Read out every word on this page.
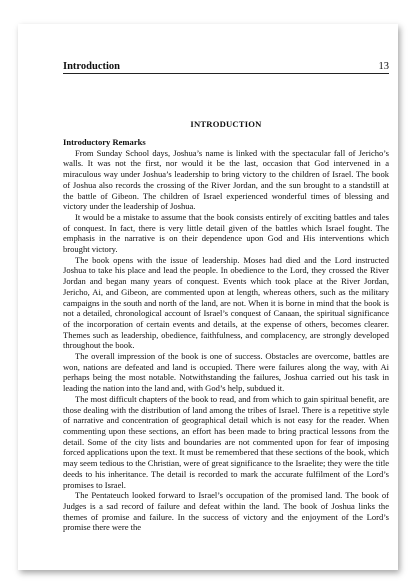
Introduction	13
INTRODUCTION
Introductory Remarks

From Sunday School days, Joshua’s name is linked with the spectacular fall of Jericho’s walls. It was not the first, nor would it be the last, occasion that God intervened in a miraculous way under Joshua’s leadership to bring victory to the children of Israel. The book of Joshua also records the crossing of the River Jordan, and the sun brought to a standstill at the battle of Gibeon. The children of Israel experienced wonderful times of blessing and victory under the leadership of Joshua.

It would be a mistake to assume that the book consists entirely of exciting battles and tales of conquest. In fact, there is very little detail given of the battles which Israel fought. The emphasis in the narrative is on their dependence upon God and His interventions which brought victory.

The book opens with the issue of leadership. Moses had died and the Lord instructed Joshua to take his place and lead the people. In obedience to the Lord, they crossed the River Jordan and began many years of conquest. Events which took place at the River Jordan, Jericho, Ai, and Gibeon, are commented upon at length, whereas others, such as the military campaigns in the south and north of the land, are not. When it is borne in mind that the book is not a detailed, chronological account of Israel’s conquest of Canaan, the spiritual significance of the incorporation of certain events and details, at the expense of others, becomes clearer. Themes such as leadership, obedience, faithfulness, and complacency, are strongly developed throughout the book.

The overall impression of the book is one of success. Obstacles are overcome, battles are won, nations are defeated and land is occupied. There were failures along the way, with Ai perhaps being the most notable. Notwithstanding the failures, Joshua carried out his task in leading the nation into the land and, with God’s help, subdued it.

The most difficult chapters of the book to read, and from which to gain spiritual benefit, are those dealing with the distribution of land among the tribes of Israel. There is a repetitive style of narrative and concentration of geographical detail which is not easy for the reader. When commenting upon these sections, an effort has been made to bring practical lessons from the detail. Some of the city lists and boundaries are not commented upon for fear of imposing forced applications upon the text. It must be remembered that these sections of the book, which may seem tedious to the Christian, were of great significance to the Israelite; they were the title deeds to his inheritance. The detail is recorded to mark the accurate fulfilment of the Lord’s promises to Israel.

The Pentateuch looked forward to Israel’s occupation of the promised land. The book of Judges is a sad record of failure and defeat within the land. The book of Joshua links the themes of promise and failure. In the success of victory and the enjoyment of the Lord’s promise there were the
